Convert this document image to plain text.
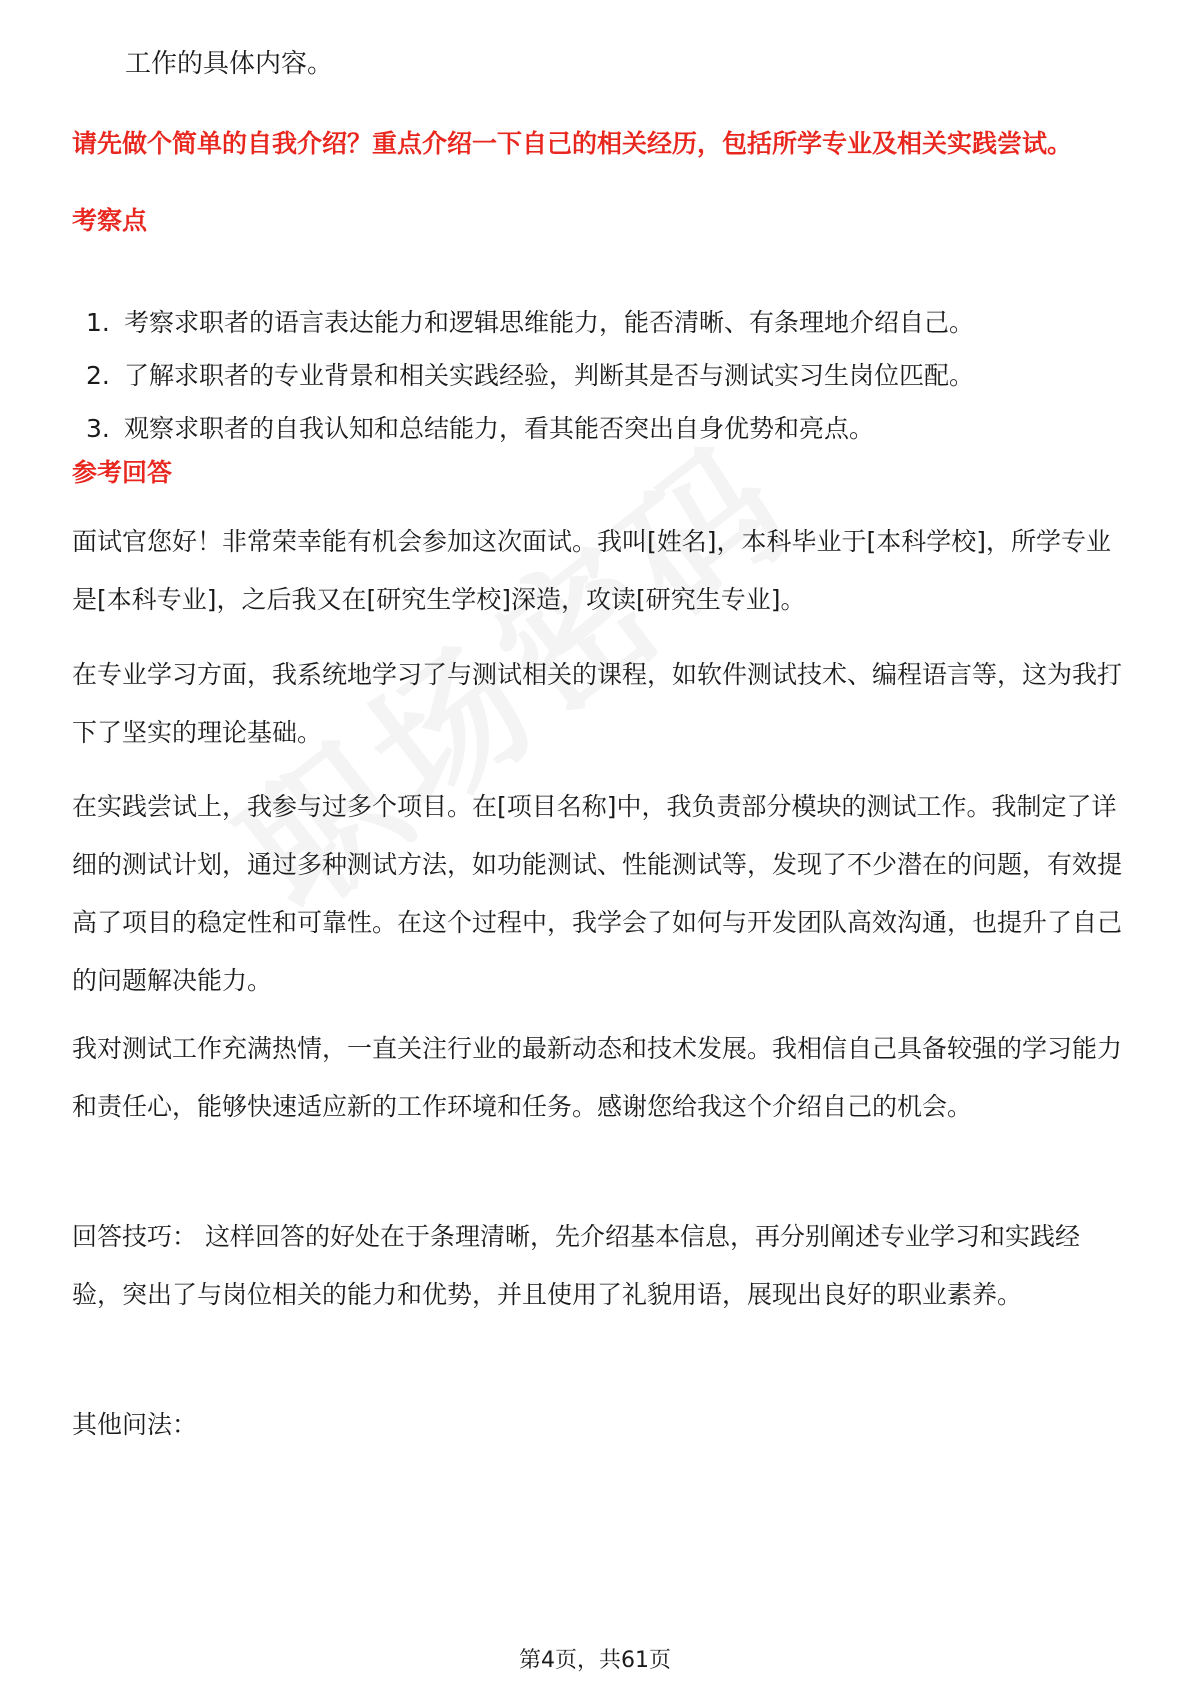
工作的具体内容。

请先做个简单的自我介绍？重点介绍一下自己的相关经历，包括所学专业及相关实践尝试。

考察点

1. 考察求职者的语言表达能力和逻辑思维能力，能否清晰、有条理地介绍自己。
2. 了解求职者的专业背景和相关实践经验，判断其是否与测试实习生岗位匹配。
3. 观察求职者的自我认知和总结能力，看其能否突出自身优势和亮点。

参考回答

面试官您好！非常荣幸能有机会参加这次面试。我叫[姓名]，本科毕业于[本科学校]，所学专业是[本科专业]，之后我又在[研究生学校]深造，攻读[研究生专业]。

在专业学习方面，我系统地学习了与测试相关的课程，如软件测试技术、编程语言等，这为我打下了坚实的理论基础。

在实践尝试上，我参与过多个项目。在[项目名称]中，我负责部分模块的测试工作。我制定了详细的测试计划，通过多种测试方法，如功能测试、性能测试等，发现了不少潜在的问题，有效提高了项目的稳定性和可靠性。在这个过程中，我学会了如何与开发团队高效沟通，也提升了自己的问题解决能力。

我对测试工作充满热情，一直关注行业的最新动态和技术发展。我相信自己具备较强的学习能力和责任心，能够快速适应新的工作环境和任务。感谢您给我这个介绍自己的机会。

回答技巧： 这样回答的好处在于条理清晰，先介绍基本信息，再分别阐述专业学习和实践经验，突出了与岗位相关的能力和优势，并且使用了礼貌用语，展现出良好的职业素养。

其他问法：

第4页，共61页
